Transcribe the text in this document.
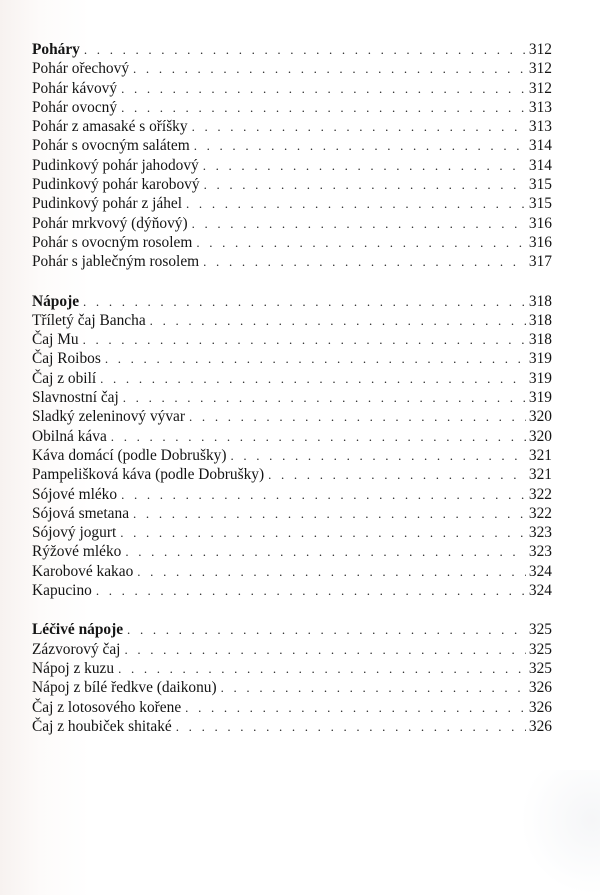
Poháry . . .	312
Pohár ořechový . . .	312
Pohár kávový . . .	312
Pohár ovocný . . .	313
Pohár z amasaké s oříšky . . .	313
Pohár s ovocným salátem . . .	314
Pudinkový pohár jahodový . . .	314
Pudinkový pohár karobový . . .	315
Pudinkový pohár z jáhel . . .	315
Pohár mrkvový (dýňový) . . .	316
Pohár s ovocným rosolem . . .	316
Pohár s jablečným rosolem . . .	317
Nápoje . . .	318
Tříletý čaj Bancha . . .	318
Čaj Mu . . .	318
Čaj Roibos . . .	319
Čaj z obilí . . .	319
Slavnostní čaj . . .	319
Sladký zeleninový vývar . . .	320
Obilná káva . . .	320
Káva domácí (podle Dobrušky) . . .	321
Pampelišková káva (podle Dobrušky) . . .	321
Sójové mléko . . .	322
Sójová smetana . . .	322
Sójový jogurt . . .	323
Rýžové mléko . . .	323
Karobové kakao . . .	324
Kapucino . . .	324
Léčivé nápoje . . .	325
Zázvorový čaj . . .	325
Nápoj z kuzu . . .	325
Nápoj z bílé ředkve (daikonu) . . .	326
Čaj z lotosového kořene . . .	326
Čaj z houbiček shitaké . . .	326
